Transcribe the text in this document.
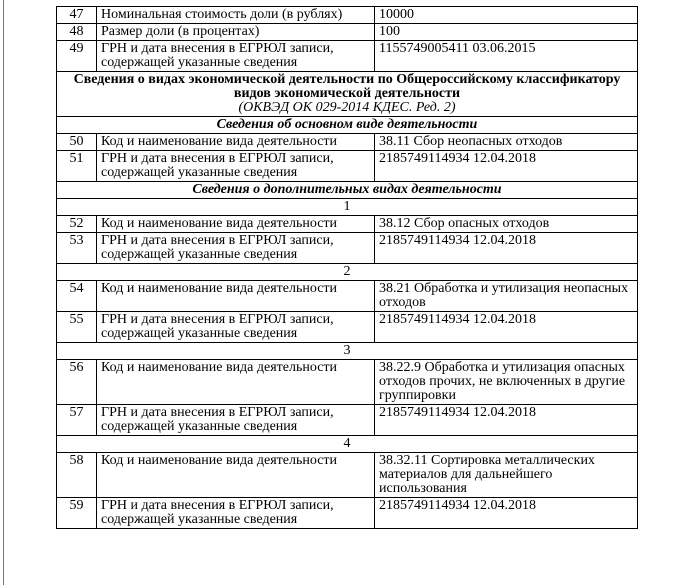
47	Номинальная стоимость доли (в рублях)	10000
48	Размер доли (в процентах)	100
49	ГРН и дата внесения в ЕГРЮЛ записи, содержащей указанные сведения	1155749005411 03.06.2015
Сведения о видах экономической деятельности по Общероссийскому классификатору видов экономической деятельности
(ОКВЭД ОК 029-2014 КДЕС. Ред. 2)		

Сведения об основном виде деятельности		
50	Код и наименование вида деятельности	38.11 Сбор неопасных отходов
51	ГРН и дата внесения в ЕГРЮЛ записи, содержащей указанные сведения	2185749114934 12.04.2018
Сведения о дополнительных видах деятельности		
1		
52	Код и наименование вида деятельности	38.12 Сбор опасных отходов
53	ГРН и дата внесения в ЕГРЮЛ записи, содержащей указанные сведения	2185749114934 12.04.2018
2		
54	Код и наименование вида деятельности	38.21 Обработка и утилизация неопасных отходов
55	ГРН и дата внесения в ЕГРЮЛ записи, содержащей указанные сведения	2185749114934 12.04.2018
3		
56	Код и наименование вида деятельности	38.22.9 Обработка и утилизация опасных отходов прочих, не включенных в другие группировки
57	ГРН и дата внесения в ЕГРЮЛ записи, содержащей указанные сведения	2185749114934 12.04.2018
4		
58	Код и наименование вида деятельности	38.32.11 Сортировка металлических материалов для дальнейшего использования
59	ГРН и дата внесения в ЕГРЮЛ записи, содержащей указанные сведения	2185749114934 12.04.2018
